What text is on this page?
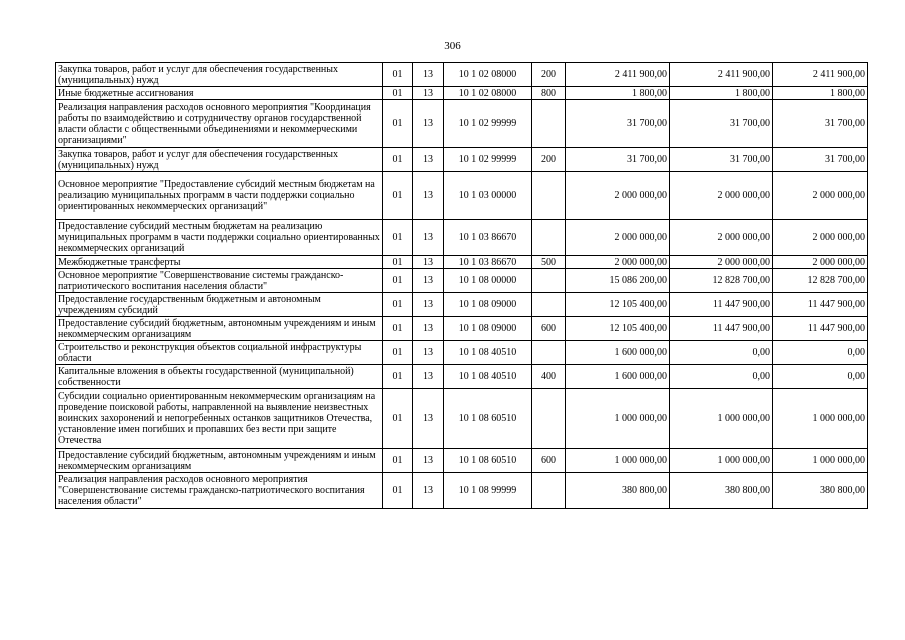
306
Закупка товаров, работ и услуг для обеспечения государственных (муниципальных) нужд	01	13	10 1 02 08000	200	2 411 900,00	2 411 900,00	2 411 900,00
Иные бюджетные ассигнования	01	13	10 1 02 08000	800	1 800,00	1 800,00	1 800,00
Реализация направления расходов основного мероприятия "Координация работы по взаимодействию и сотрудничеству органов государственной власти области с общественными объединениями и некоммерческими организациями"	01	13	10 1 02 99999		31 700,00	31 700,00	31 700,00
Закупка товаров, работ и услуг для обеспечения государственных (муниципальных) нужд	01	13	10 1 02 99999	200	31 700,00	31 700,00	31 700,00
Основное мероприятие "Предоставление субсидий местным бюджетам на реализацию муниципальных программ в части поддержки социально ориентированных некоммерческих организаций"	01	13	10 1 03 00000		2 000 000,00	2 000 000,00	2 000 000,00
Предоставление субсидий местным бюджетам на реализацию муниципальных программ в части поддержки социально ориентированных некоммерческих организаций	01	13	10 1 03 86670		2 000 000,00	2 000 000,00	2 000 000,00
Межбюджетные трансферты	01	13	10 1 03 86670	500	2 000 000,00	2 000 000,00	2 000 000,00
Основное мероприятие "Совершенствование системы гражданско-патриотического воспитания населения области"	01	13	10 1 08 00000		15 086 200,00	12 828 700,00	12 828 700,00
Предоставление государственным бюджетным и автономным учреждениям субсидий	01	13	10 1 08 09000		12 105 400,00	11 447 900,00	11 447 900,00
Предоставление субсидий бюджетным, автономным учреждениям и иным некоммерческим организациям	01	13	10 1 08 09000	600	12 105 400,00	11 447 900,00	11 447 900,00
Строительство и реконструкция объектов социальной инфраструктуры области	01	13	10 1 08 40510		1 600 000,00	0,00	0,00
Капитальные вложения в объекты государственной (муниципальной) собственности	01	13	10 1 08 40510	400	1 600 000,00	0,00	0,00
Субсидии социально ориентированным некоммерческим организациям на проведение поисковой работы, направленной на выявление неизвестных воинских захоронений и непогребенных останков защитников Отечества, установление имен погибших и пропавших без вести при защите Отечества	01	13	10 1 08 60510		1 000 000,00	1 000 000,00	1 000 000,00
Предоставление субсидий бюджетным, автономным учреждениям и иным некоммерческим организациям	01	13	10 1 08 60510	600	1 000 000,00	1 000 000,00	1 000 000,00
Реализация направления расходов основного мероприятия "Совершенствование системы гражданско-патриотического воспитания населения области"	01	13	10 1 08 99999		380 800,00	380 800,00	380 800,00
